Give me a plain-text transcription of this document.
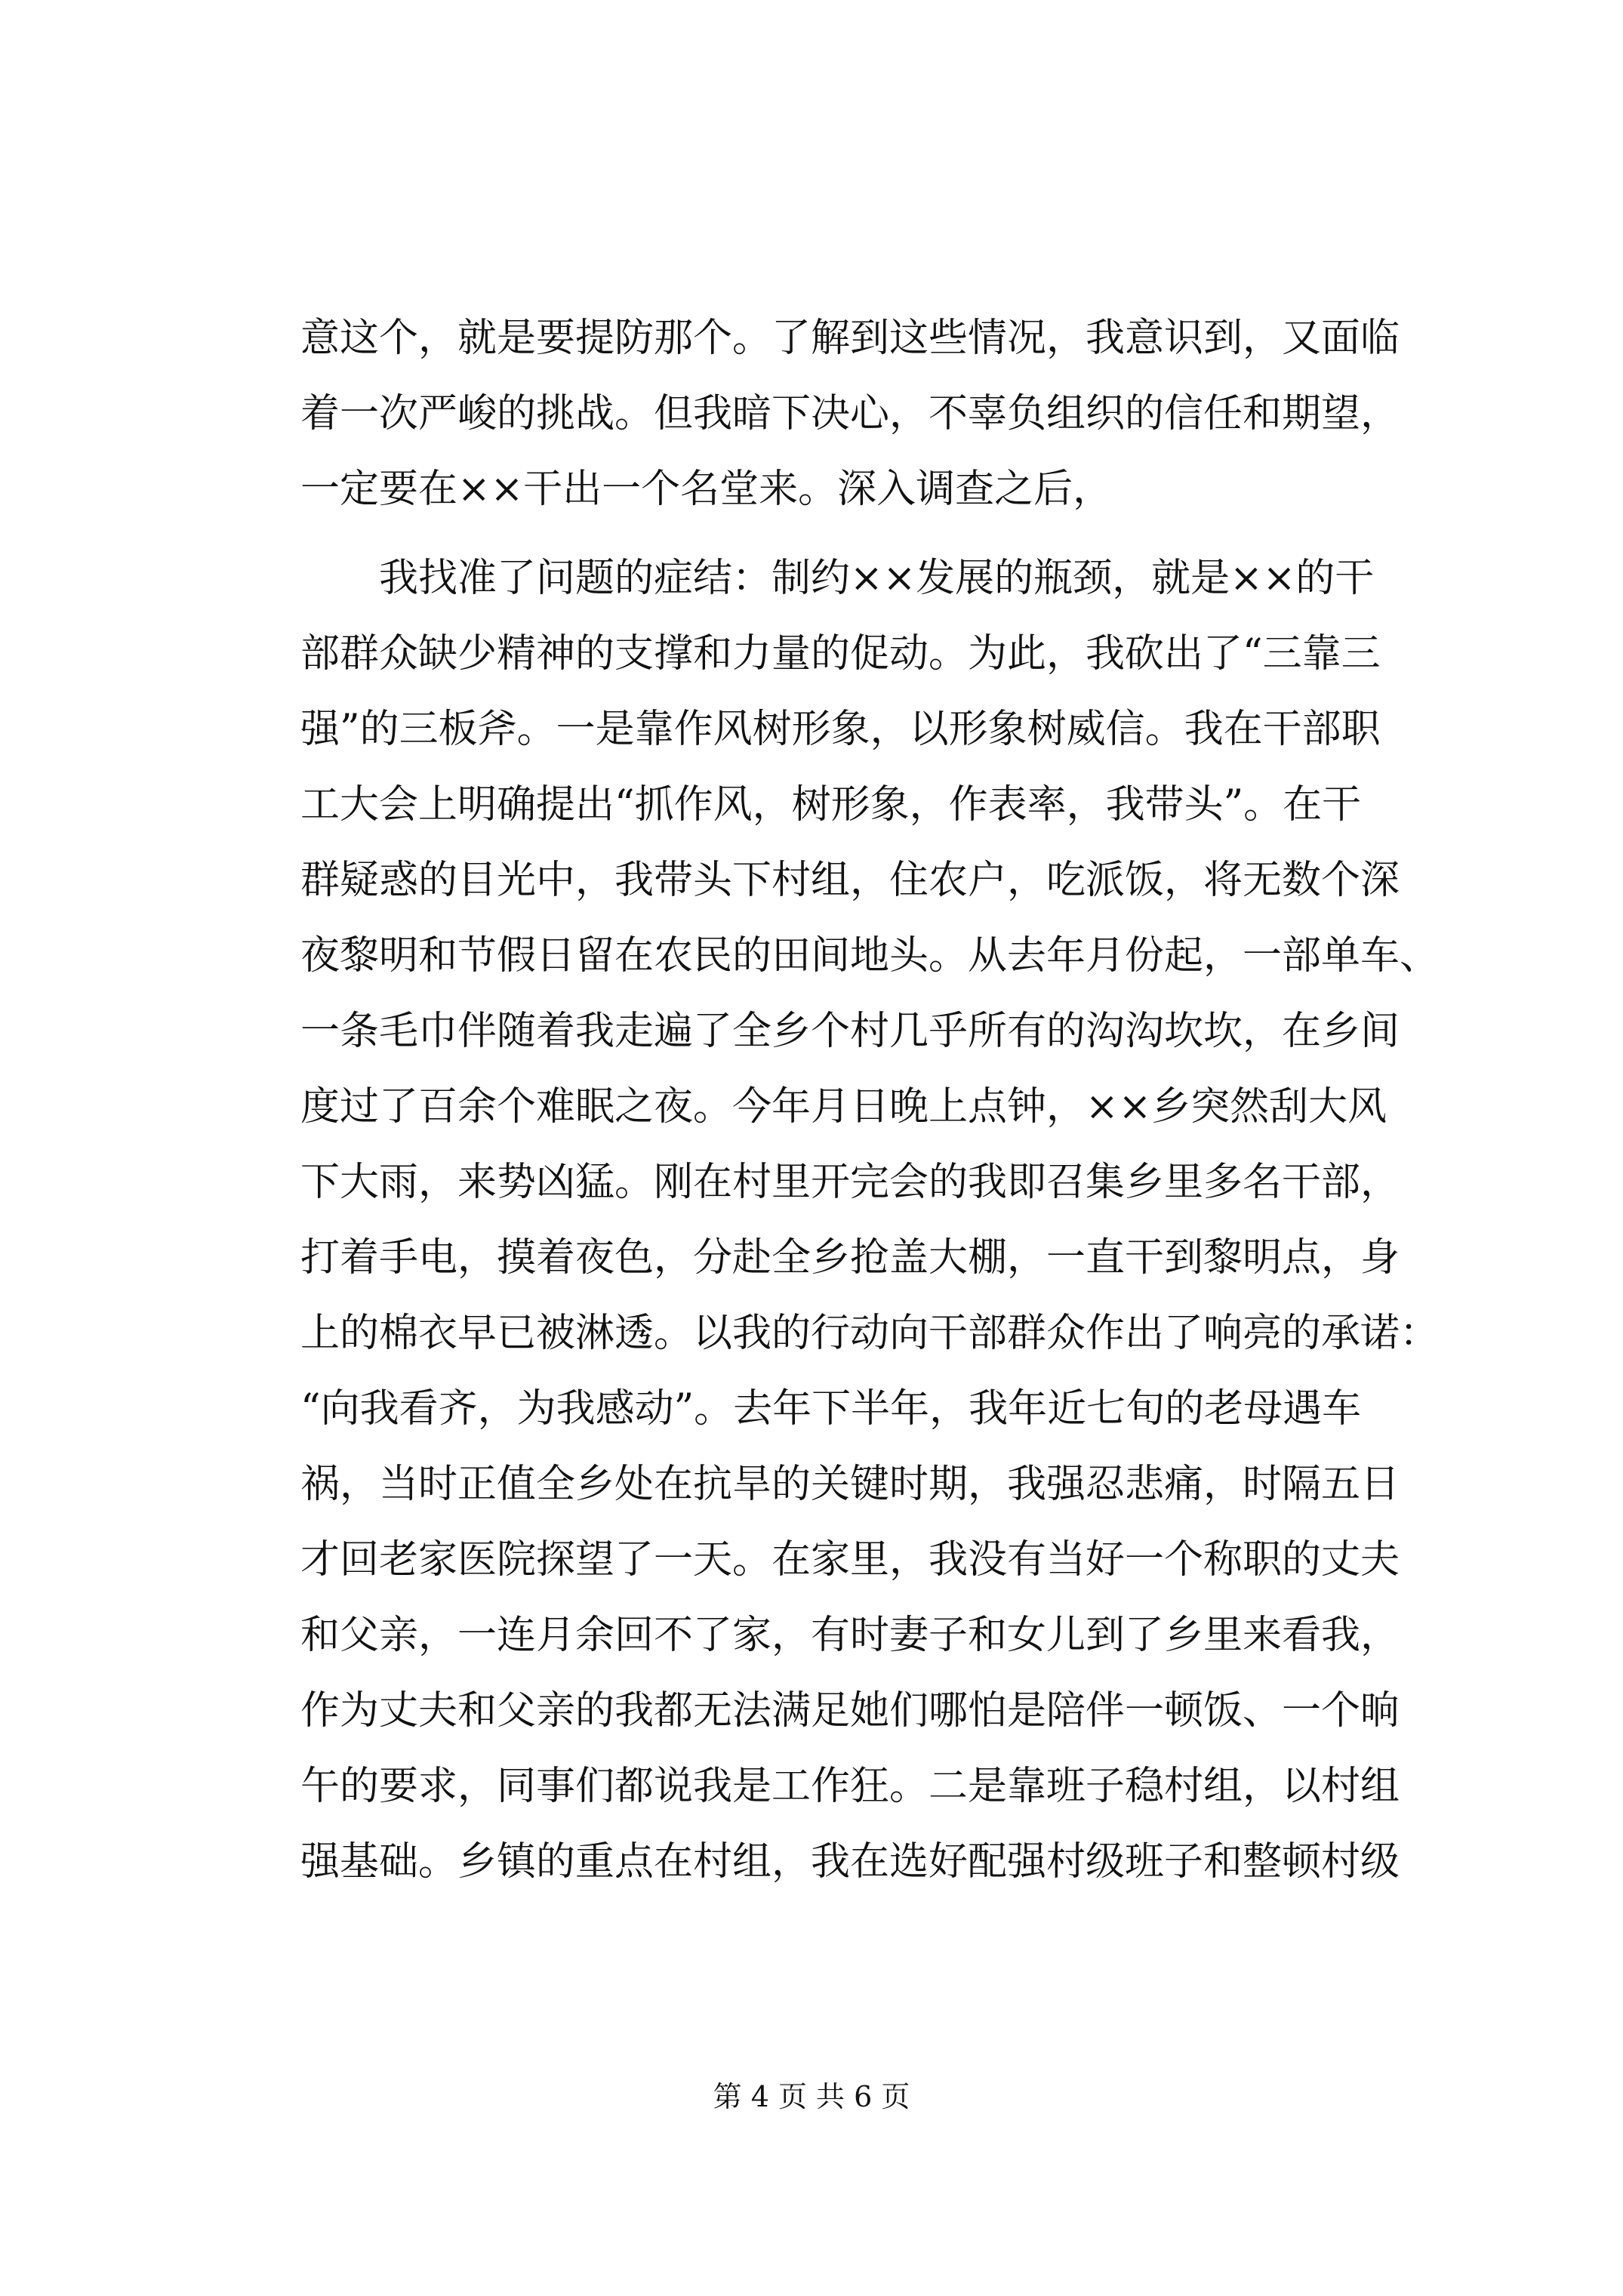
意这个，就是要提防那个。了解到这些情况，我意识到，又面临
着一次严峻的挑战。但我暗下决心，不辜负组织的信任和期望，
一定要在××干出一个名堂来。深入调查之后，
我找准了问题的症结：制约××发展的瓶颈，就是××的干
部群众缺少精神的支撑和力量的促动。为此，我砍出了“三靠三
强”的三板斧。一是靠作风树形象，以形象树威信。我在干部职
工大会上明确提出“抓作风，树形象，作表率，我带头”。在干
群疑惑的目光中，我带头下村组，住农户，吃派饭，将无数个深
夜黎明和节假日留在农民的田间地头。从去年月份起，一部单车、
一条毛巾伴随着我走遍了全乡个村几乎所有的沟沟坎坎，在乡间
度过了百余个难眠之夜。今年月日晚上点钟，××乡突然刮大风
下大雨，来势凶猛。刚在村里开完会的我即召集乡里多名干部，
打着手电，摸着夜色，分赴全乡抢盖大棚，一直干到黎明点，身
上的棉衣早已被淋透。以我的行动向干部群众作出了响亮的承诺：
“向我看齐，为我感动”。去年下半年，我年近七旬的老母遇车
祸，当时正值全乡处在抗旱的关键时期，我强忍悲痛，时隔五日
才回老家医院探望了一天。在家里，我没有当好一个称职的丈夫
和父亲，一连月余回不了家，有时妻子和女儿到了乡里来看我，
作为丈夫和父亲的我都无法满足她们哪怕是陪伴一顿饭、一个晌
午的要求，同事们都说我是工作狂。二是靠班子稳村组，以村组
强基础。乡镇的重点在村组，我在选好配强村级班子和整顿村级
第 4 页 共 6 页
